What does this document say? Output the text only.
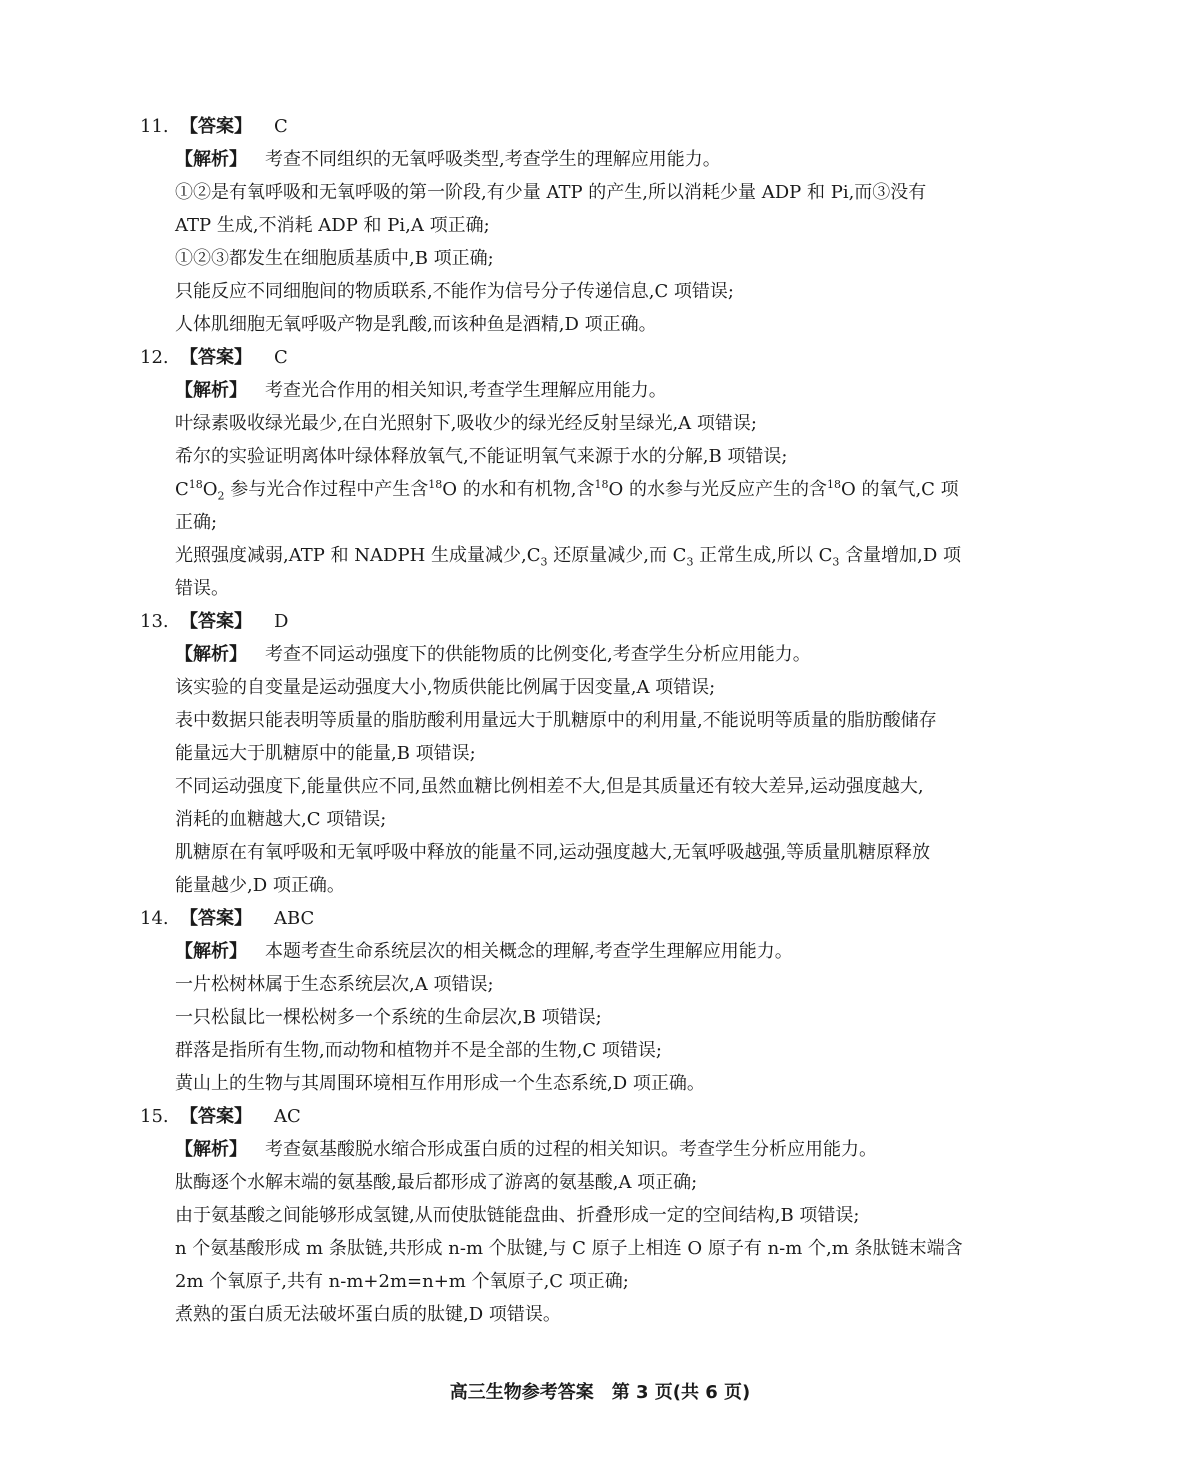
11. 【答案】 C
【解析】 考查不同组织的无氧呼吸类型,考查学生的理解应用能力。
①②是有氧呼吸和无氧呼吸的第一阶段,有少量 ATP 的产生,所以消耗少量 ADP 和 Pi,而③没有
ATP 生成,不消耗 ADP 和 Pi,A 项正确;
①②③都发生在细胞质基质中,B 项正确;
只能反应不同细胞间的物质联系,不能作为信号分子传递信息,C 项错误;
人体肌细胞无氧呼吸产物是乳酸,而该种鱼是酒精,D 项正确。
12. 【答案】 C
【解析】 考查光合作用的相关知识,考查学生理解应用能力。
叶绿素吸收绿光最少,在白光照射下,吸收少的绿光经反射呈绿光,A 项错误;
希尔的实验证明离体叶绿体释放氧气,不能证明氧气来源于水的分解,B 项错误;
$C^{18}O_2$ 参与光合作过程中产生含$^{18}$O 的水和有机物,含$^{18}$O 的水参与光反应产生的含$^{18}$O 的氧气,C 项
正确;
光照强度减弱,ATP 和 NADPH 生成量减少$,C_3$ 还原量减少,而 $C_3$ 正常生成,所以 $C_3$ 含量增加,D 项
错误。
13. 【答案】 D
【解析】 考查不同运动强度下的供能物质的比例变化,考查学生分析应用能力。
该实验的自变量是运动强度大小,物质供能比例属于因变量,A 项错误;
表中数据只能表明等质量的脂肪酸利用量远大于肌糖原中的利用量,不能说明等质量的脂肪酸储存
能量远大于肌糖原中的能量,B 项错误;
不同运动强度下,能量供应不同,虽然血糖比例相差不大,但是其质量还有较大差异,运动强度越大,
消耗的血糖越大,C 项错误;
肌糖原在有氧呼吸和无氧呼吸中释放的能量不同,运动强度越大,无氧呼吸越强,等质量肌糖原释放
能量越少,D 项正确。
14. 【答案】 ABC
【解析】 本题考查生命系统层次的相关概念的理解,考查学生理解应用能力。
一片松树林属于生态系统层次,A 项错误;
一只松鼠比一棵松树多一个系统的生命层次,B 项错误;
群落是指所有生物,而动物和植物并不是全部的生物,C 项错误;
黄山上的生物与其周围环境相互作用形成一个生态系统,D 项正确。
15. 【答案】 AC
【解析】 考查氨基酸脱水缩合形成蛋白质的过程的相关知识。考查学生分析应用能力。
肽酶逐个水解末端的氨基酸,最后都形成了游离的氨基酸,A 项正确;
由于氨基酸之间能够形成氢键,从而使肽链能盘曲、折叠形成一定的空间结构,B 项错误;
n 个氨基酸形成 m 条肽链,共形成 n-m 个肽键,与 C 原子上相连 O 原子有 n-m 个,m 条肽链末端含
2m 个氧原子,共有 n-m+2m=n+m 个氧原子,C 项正确;
煮熟的蛋白质无法破坏蛋白质的肽键,D 项错误。
高三生物参考答案　第 3 页(共 6 页)
